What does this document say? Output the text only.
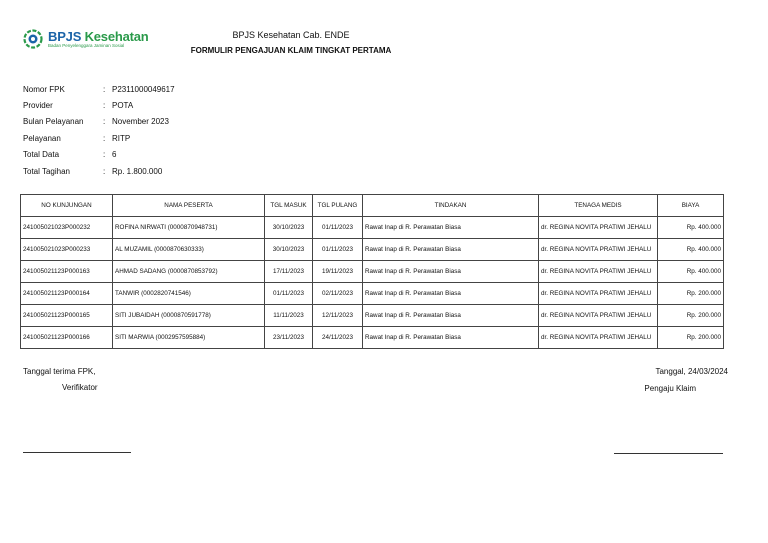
BPJS Kesehatan
Badan Penyelenggara Jaminan Sosial
BPJS Kesehatan Cab. ENDE
FORMULIR PENGAJUAN KLAIM TINGKAT PERTAMA
Nomor FPK	: P2311000049617
Provider	: POTA
Bulan Pelayanan	: November 2023
Pelayanan	: RITP
Total Data	: 6
Total Tagihan	: Rp. 1.800.000
NO KUNJUNGAN	NAMA PESERTA	TGL MASUK	TGL PULANG	TINDAKAN	TENAGA MEDIS	BIAYA
241005021023P000232	ROFINA NIRWATI (0000870948731)	30/10/2023	01/11/2023	Rawat Inap di R. Perawatan Biasa	dr. REGINA NOVITA PRATIWI JEHALU	Rp. 400.000
241005021023P000233	AL MUZAMIL (0000870630333)	30/10/2023	01/11/2023	Rawat Inap di R. Perawatan Biasa	dr. REGINA NOVITA PRATIWI JEHALU	Rp. 400.000
241005021123P000163	AHMAD SADANG (0000870853792)	17/11/2023	19/11/2023	Rawat Inap di R. Perawatan Biasa	dr. REGINA NOVITA PRATIWI JEHALU	Rp. 400.000
241005021123P000164	TANWIR (0002820741546)	01/11/2023	02/11/2023	Rawat Inap di R. Perawatan Biasa	dr. REGINA NOVITA PRATIWI JEHALU	Rp. 200.000
241005021123P000165	SITI JUBAIDAH (0000870591778)	11/11/2023	12/11/2023	Rawat Inap di R. Perawatan Biasa	dr. REGINA NOVITA PRATIWI JEHALU	Rp. 200.000
241005021123P000166	SITI MARWIA (0002957595884)	23/11/2023	24/11/2023	Rawat Inap di R. Perawatan Biasa	dr. REGINA NOVITA PRATIWI JEHALU	Rp. 200.000
Tanggal terima FPK,
Verifikator
Tanggal, 24/03/2024
Pengaju Klaim
